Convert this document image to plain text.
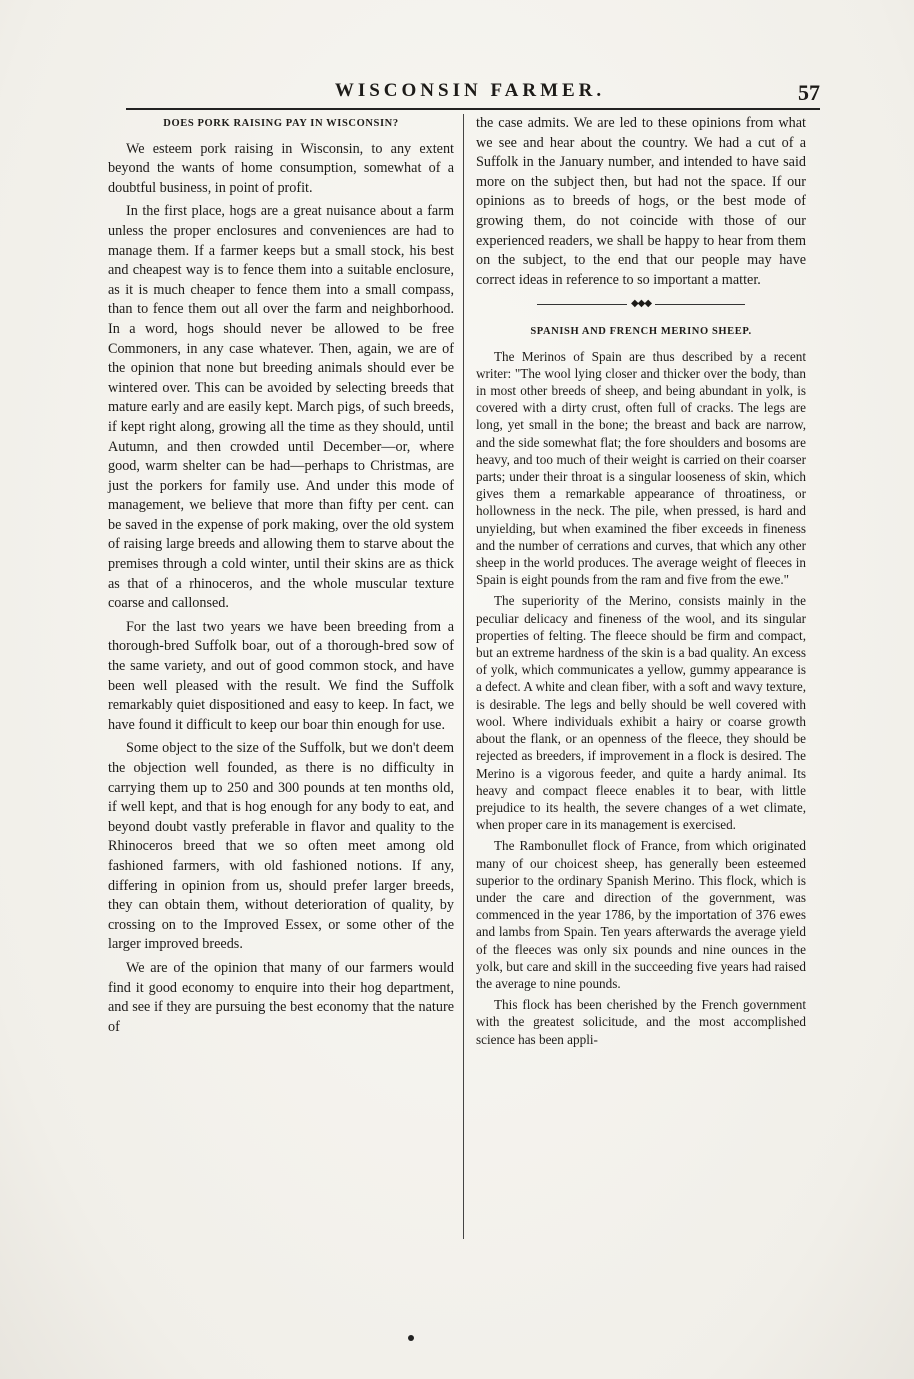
WISCONSIN FARMER.	57
DOES PORK RAISING PAY IN WISCONSIN?

We esteem pork raising in Wisconsin, to any extent beyond the wants of home consumption, somewhat of a doubtful business, in point of profit.

In the first place, hogs are a great nuisance about a farm unless the proper enclosures and conveniences are had to manage them. If a farmer keeps but a small stock, his best and cheapest way is to fence them into a suitable enclosure, as it is much cheaper to fence them into a small compass, than to fence them out all over the farm and neighborhood. In a word, hogs should never be allowed to be free Commoners, in any case whatever. Then, again, we are of the opinion that none but breeding animals should ever be wintered over. This can be avoided by selecting breeds that mature early and are easily kept. March pigs, of such breeds, if kept right along, growing all the time as they should, until Autumn, and then crowded until December—or, where good, warm shelter can be had—perhaps to Christmas, are just the porkers for family use. And under this mode of management, we believe that more than fifty per cent. can be saved in the expense of pork making, over the old system of raising large breeds and allowing them to starve about the premises through a cold winter, until their skins are as thick as that of a rhinoceros, and the whole muscular texture coarse and callonsed.

For the last two years we have been breeding from a thorough-bred Suffolk boar, out of a thorough-bred sow of the same variety, and out of good common stock, and have been well pleased with the result. We find the Suffolk remarkably quiet dispositioned and easy to keep. In fact, we have found it difficult to keep our boar thin enough for use.

Some object to the size of the Suffolk, but we don't deem the objection well founded, as there is no difficulty in carrying them up to 250 and 300 pounds at ten months old, if well kept, and that is hog enough for any body to eat, and beyond doubt vastly preferable in flavor and quality to the Rhinoceros breed that we so often meet among old fashioned farmers, with old fashioned notions. If any, differing in opinion from us, should prefer larger breeds, they can obtain them, without deterioration of quality, by crossing on to the Improved Essex, or some other of the larger improved breeds.

We are of the opinion that many of our farmers would find it good economy to enquire into their hog department, and see if they are pursuing the best economy that the nature of

the case admits. We are led to these opinions from what we see and hear about the country. We had a cut of a Suffolk in the January number, and intended to have said more on the subject then, but had not the space. If our opinions as to breeds of hogs, or the best mode of growing them, do not coincide with those of our experienced readers, we shall be happy to hear from them on the subject, to the end that our people may have correct ideas in reference to so important a matter.

◆◆◆
SPANISH AND FRENCH MERINO SHEEP.

The Merinos of Spain are thus described by a recent writer: "The wool lying closer and thicker over the body, than in most other breeds of sheep, and being abundant in yolk, is covered with a dirty crust, often full of cracks. The legs are long, yet small in the bone; the breast and back are narrow, and the side somewhat flat; the fore shoulders and bosoms are heavy, and too much of their weight is carried on their coarser parts; under their throat is a singular looseness of skin, which gives them a remarkable appearance of throatiness, or hollowness in the neck. The pile, when pressed, is hard and unyielding, but when examined the fiber exceeds in fineness and the number of cerrations and curves, that which any other sheep in the world produces. The average weight of fleeces in Spain is eight pounds from the ram and five from the ewe."

The superiority of the Merino, consists mainly in the peculiar delicacy and fineness of the wool, and its singular properties of felting. The fleece should be firm and compact, but an extreme hardness of the skin is a bad quality. An excess of yolk, which communicates a yellow, gummy appearance is a defect. A white and clean fiber, with a soft and wavy texture, is desirable. The legs and belly should be well covered with wool. Where individuals exhibit a hairy or coarse growth about the flank, or an openness of the fleece, they should be rejected as breeders, if improvement in a flock is desired. The Merino is a vigorous feeder, and quite a hardy animal. Its heavy and compact fleece enables it to bear, with little prejudice to its health, the severe changes of a wet climate, when proper care in its management is exercised.

The Rambonullet flock of France, from which originated many of our choicest sheep, has generally been esteemed superior to the ordinary Spanish Merino. This flock, which is under the care and direction of the government, was commenced in the year 1786, by the importation of 376 ewes and lambs from Spain. Ten years afterwards the average yield of the fleeces was only six pounds and nine ounces in the yolk, but care and skill in the succeeding five years had raised the average to nine pounds.

This flock has been cherished by the French government with the greatest solicitude, and the most accomplished science has been appli-
